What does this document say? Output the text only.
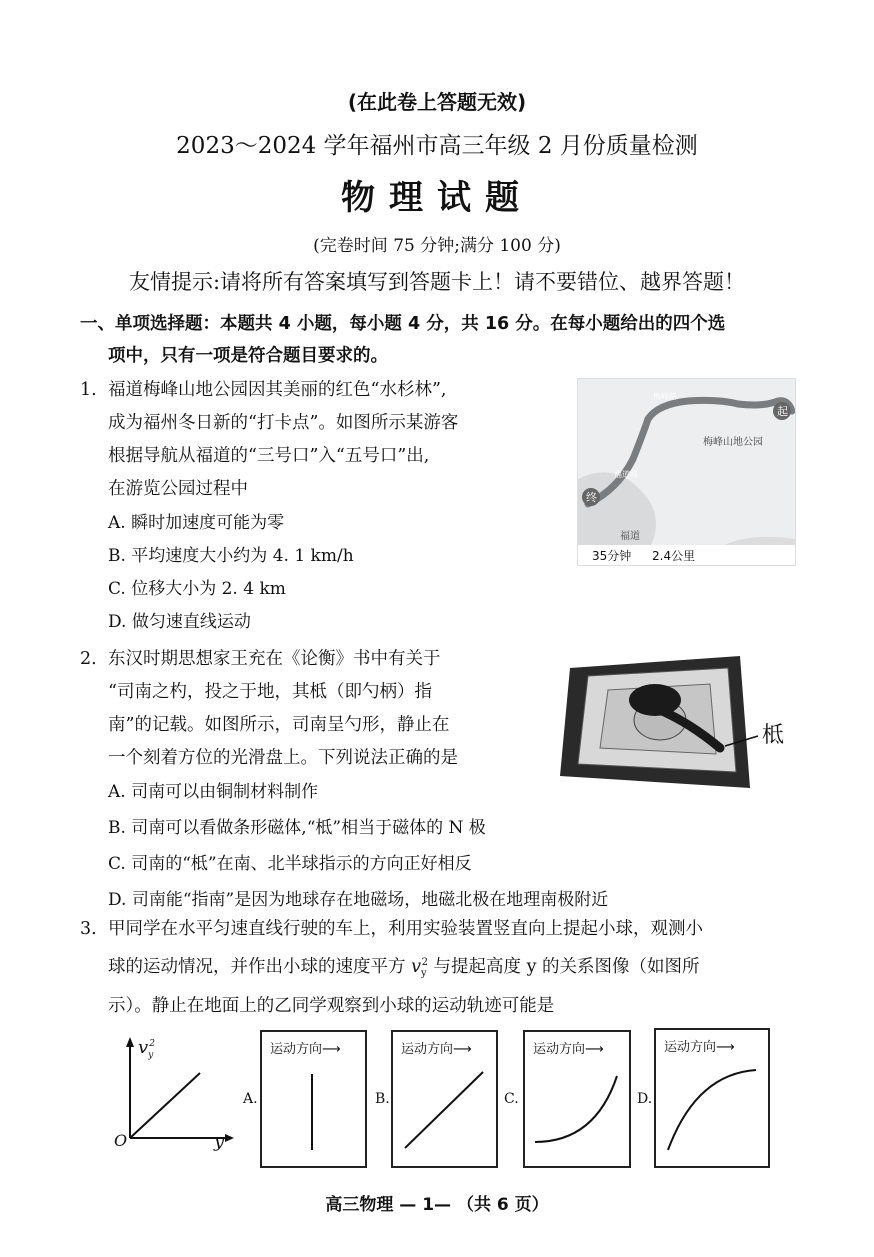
(在此卷上答题无效)
2023～2024 学年福州市高三年级 2 月份质量检测
物理试题
(完卷时间 75 分钟;满分 100 分)
友情提示:请将所有答案填写到答题卡上！请不要错位、越界答题！
一、单项选择题：本题共 4 小题，每小题 4 分，共 16 分。在每小题给出的四个选
项中，只有一项是符合题目要求的。
1. 福道梅峰山地公园因其美丽的红色“水杉林”,
成为福州冬日新的“打卡点”。如图所示某游客
根据导航从福道的“三号口”入“五号口”出,
在游览公园过程中
A. 瞬时加速度可能为零
B. 平均速度大小约为 4. 1 km/h
C. 位移大小为 2. 4 km
D. 做匀速直线运动
起
终
梅峰山地公园
福道
梅峰路
福道路
35分钟 2.4公里
2. 东汉时期思想家王充在《论衡》书中有关于
“司南之杓，投之于地，其柢（即勺柄）指
南”的记载。如图所示，司南呈勺形，静止在
一个刻着方位的光滑盘上。下列说法正确的是
A. 司南可以由铜制材料制作
B. 司南可以看做条形磁体,“柢”相当于磁体的 N 极
C. 司南的“柢”在南、北半球指示的方向正好相反
D. 司南能“指南”是因为地球存在地磁场，地磁北极在地理南极附近
柢
3. 甲同学在水平匀速直线行驶的车上，利用实验装置竖直向上提起小球，观测小
球的运动情况，并作出小球的速度平方 $v_y^2$ 与提起高度 y 的关系图像（如图所
示）。静止在地面上的乙同学观察到小球的运动轨迹可能是
$v_y^2$
y
O
A.
运动方向⟶
B.
运动方向⟶
C.
运动方向⟶
D.
运动方向⟶
高三物理 — 1— （共 6 页）
